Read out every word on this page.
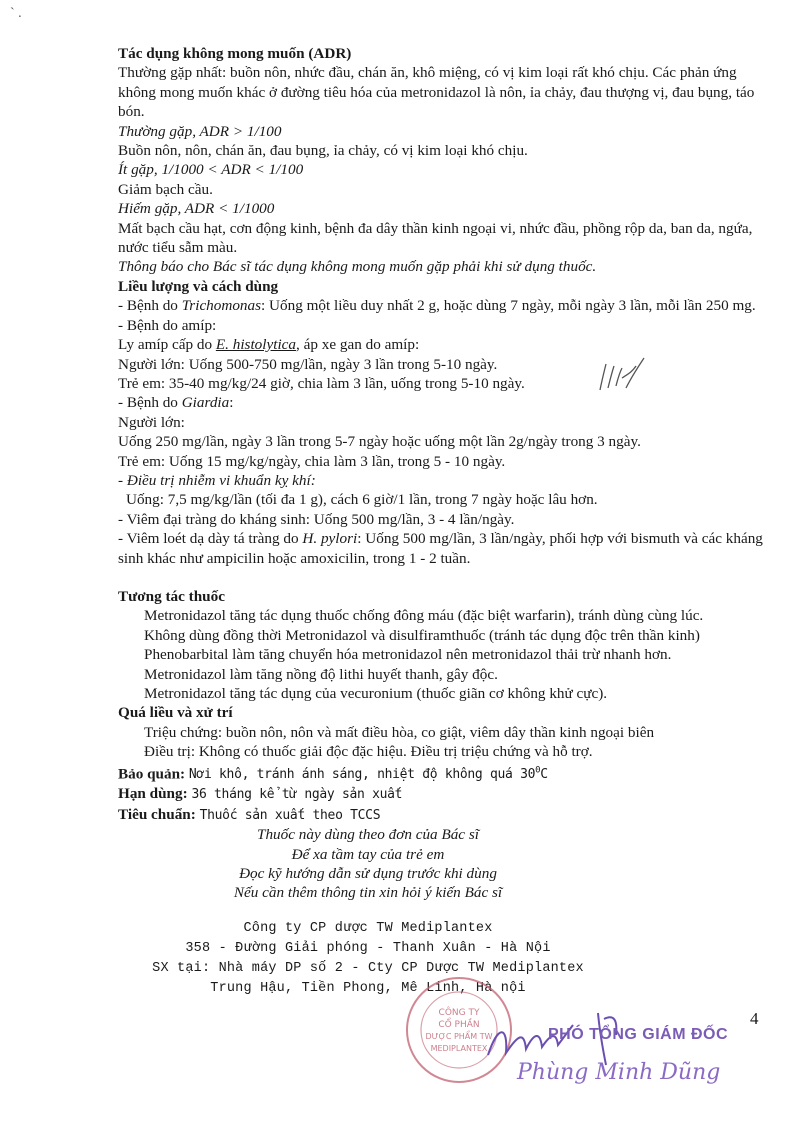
` .

Tác dụng không mong muốn (ADR)

Thường gặp nhất: buồn nôn, nhức đầu, chán ăn, khô miệng, có vị kim loại rất khó chịu. Các phản ứng không mong muốn khác ở đường tiêu hóa của metronidazol là nôn, ỉa chảy, đau thượng vị, đau bụng, táo bón.

Thường gặp, ADR > 1/100

Buồn nôn, nôn, chán ăn, đau bụng, ỉa chảy, có vị kim loại khó chịu.

Ít gặp, 1/1000 < ADR < 1/100

Giảm bạch cầu.

Hiếm gặp, ADR < 1/1000

Mất bạch cầu hạt, cơn động kinh, bệnh đa dây thần kinh ngoại vi, nhức đầu, phồng rộp da, ban da, ngứa, nước tiểu sẫm màu.

Thông báo cho Bác sĩ tác dụng không mong muốn gặp phải khi sử dụng thuốc.

Liều lượng và cách dùng

- Bệnh do Trichomonas: Uống một liều duy nhất 2 g, hoặc dùng 7 ngày, mỗi ngày 3 lần, mỗi lần 250 mg.

- Bệnh do amíp:

Ly amíp cấp do E. histolytica, áp xe gan do amíp:

Người lớn: Uống 500-750 mg/lần, ngày 3 lần trong 5-10 ngày.

Trẻ em: 35-40 mg/kg/24 giờ, chia làm 3 lần, uống trong 5-10 ngày.

- Bệnh do Giardia:

Người lớn:

Uống 250 mg/lần, ngày 3 lần trong 5-7 ngày hoặc uống một lần 2g/ngày trong 3 ngày.

Trẻ em: Uống 15 mg/kg/ngày, chia làm 3 lần, trong 5 - 10 ngày.

- Điều trị nhiễm vi khuẩn kỵ khí:

Uống: 7,5 mg/kg/lần (tối đa 1 g), cách 6 giờ/1 lần, trong 7 ngày hoặc lâu hơn.

- Viêm đại tràng do kháng sinh: Uống 500 mg/lần, 3 - 4 lần/ngày.

- Viêm loét dạ dày tá tràng do H. pylori: Uống 500 mg/lần, 3 lần/ngày, phối hợp với bismuth và các kháng sinh khác như ampicilin hoặc amoxicilin, trong 1 - 2 tuần.

Tương tác thuốc

Metronidazol tăng tác dụng thuốc chống đông máu (đặc biệt warfarin), tránh dùng cùng lúc.

Không dùng đồng thời Metronidazol và disulfiramthuốc (tránh tác dụng độc trên thần kinh)

Phenobarbital làm tăng chuyển hóa metronidazol nên metronidazol thải trừ nhanh hơn.

Metronidazol làm tăng nồng độ lithi huyết thanh, gây độc.

Metronidazol tăng tác dụng của vecuronium (thuốc giãn cơ không khử cực).

Quá liều và xử trí

Triệu chứng: buồn nôn, nôn và mất điều hòa, co giật, viêm dây thần kinh ngoại biên

Điều trị: Không có thuốc giải độc đặc hiệu. Điều trị triệu chứng và hỗ trợ.

Bảo quản: Nơi khô, tránh ánh sáng, nhiệt độ không quá $30^0C$

Hạn dùng: 36 tháng kể từ ngày sản xuất

Tiêu chuẩn: Thuốc sản xuất theo TCCS

Thuốc này dùng theo đơn của Bác sĩ

Để xa tầm tay của trẻ em

Đọc kỹ hướng dẫn sử dụng trước khi dùng

Nếu cần thêm thông tin xin hỏi ý kiến Bác sĩ

Công ty CP dược TW Mediplantex

358 - Đường Giải phóng - Thanh Xuân - Hà Nội

SX tại: Nhà máy DP số 2 - Cty CP Dược TW Mediplantex

Trung Hậu, Tiền Phong, Mê Linh, Hà nội

CÔNG TY
CỔ PHẦN
DƯỢC PHẨM TW
MEDIPLANTEX
PHÓ TỔNG GIÁM ĐỐC
Phùng Minh Dũng
4
